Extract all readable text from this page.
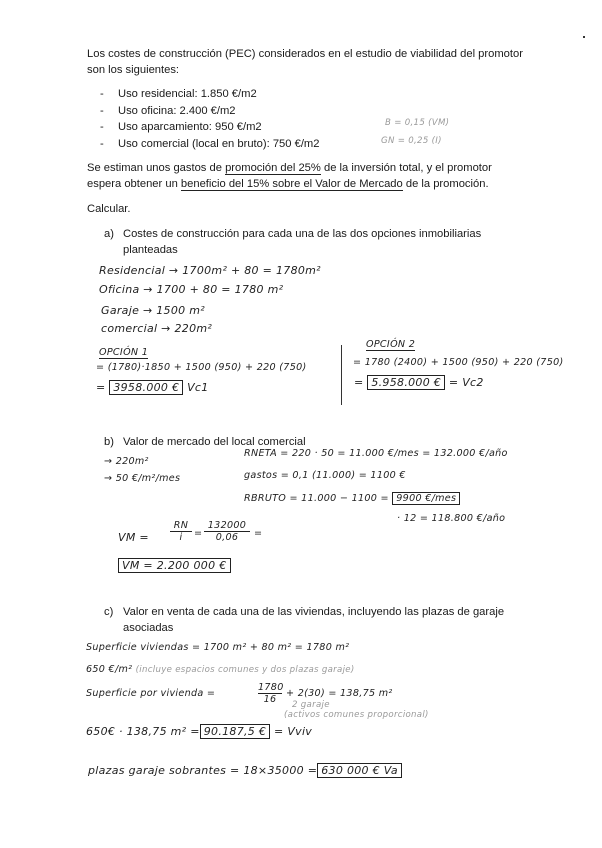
Los costes de construcción (PEC) considerados en el estudio de viabilidad del promotor son los siguientes:
- Uso residencial: 1.850 €/m2
- Uso oficina: 2.400 €/m2
- Uso aparcamiento: 950 €/m2
- Uso comercial (local en bruto): 750 €/m2
B = 0,15 (VM)
GN = 0,25 (I)
Se estiman unos gastos de promoción del 25% de la inversión total, y el promotor espera obtener un beneficio del 15% sobre el Valor de Mercado de la promoción.
Calcular.
a) Costes de construcción para cada una de las dos opciones inmobiliarias planteadas
Residencial → 1700m² + 80 = 1780m²
Oficina → 1700 + 80 = 1780 m²
Garaje → 1500 m²
comercial → 220m²
OPCIÓN 1
= (1780)·1850 + 1500 (950) + 220 (750)
= 3958.000 € Vc1
OPCIÓN 2
= 1780 (2400) + 1500 (950) + 220 (750)
= 5.958.000 € = Vc2
b) Valor de mercado del local comercial
→ 220m²
→ 50 €/m²/mes
RNETA = 220 · 50 = 11.000 €/mes = 132.000 €/año
gastos = 0,1 (11.000) = 1100 €
RBRUTO = 11.000 − 1100 = 9900 €/mes
· 12 = 118.800 €/año
VM =
RN
i	=
132000
0,06	=
VM = 2.200 000 €
c) Valor en venta de cada una de las viviendas, incluyendo las plazas de garaje asociadas
Superficie viviendas = 1700 m² + 80 m² = 1780 m²
650 €/m² (incluye espacios comunes y dos plazas garaje)
Superficie por vivienda =
1780
16
+ 2(30) = 138,75 m²
2 garaje
(activos comunes proporcional)
650€ · 138,75 m² = 90.187,5 € = Vviv
plazas garaje sobrantes = 18×35000 = 630 000 € Va
